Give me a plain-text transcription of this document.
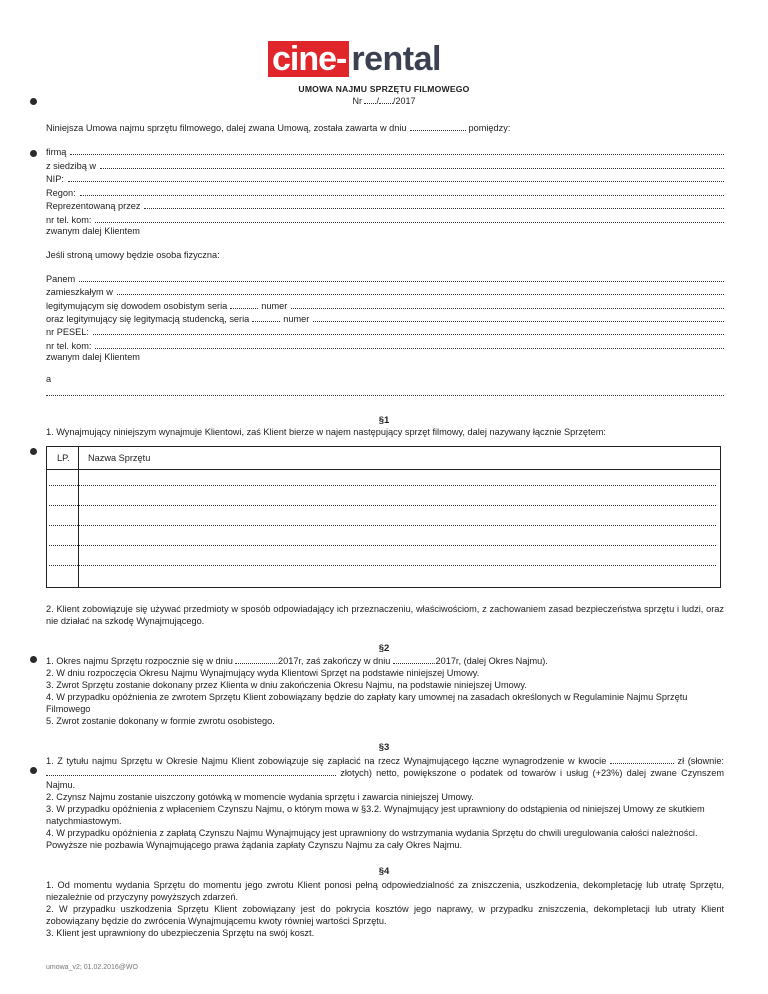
cine- rental
UMOWA NAJMU SPRZĘTU FILMOWEGO
Nr / /2017
Niniejsza Umowa najmu sprzętu filmowego, dalej zwana Umową, została zawarta w dniu	pomiędzy:
firmą
z siedzibą w
NIP:
Regon:
Reprezentowaną przez
nr tel. kom:
zwanym dalej Klientem
Jeśli stroną umowy będzie osoba fizyczna:
Panem
zamieszkałym w
legitymującym się dowodem osobistym seria	numer
oraz legitymujący się legitymacją studencką, seria	numer
nr PESEL:
nr tel. kom:
zwanym dalej Klientem
a
§1
1. Wynajmujący niniejszym wynajmuje Klientowi, zaś Klient bierze w najem następujący sprzęt filmowy, dalej nazywany łącznie Sprzętem:
LP. Nazwa Sprzętu
2. Klient zobowiązuje się używać przedmioty w sposób odpowiadający ich przeznaczeniu, właściwościom, z zachowaniem zasad bezpieczeństwa sprzętu i ludzi, oraz nie działać na szkodę Wynajmującego.
§2
1. Okres najmu Sprzętu rozpocznie się w dniu	.2017r, zaś zakończy w dniu	.2017r, (dalej Okres Najmu).
2. W dniu rozpoczęcia Okresu Najmu Wynajmujący wyda Klientowi Sprzęt na podstawie niniejszej Umowy.
3. Zwrot Sprzętu zostanie dokonany przez Klienta w dniu zakończenia Okresu Najmu, na podstawie niniejszej Umowy.
4. W przypadku opóźnienia ze zwrotem Sprzętu Klient zobowiązany będzie do zapłaty kary umownej na zasadach określonych w Regulaminie Najmu Sprzętu Filmowego
5. Zwrot zostanie dokonany w formie zwrotu osobistego.
§3
1. Z tytułu najmu Sprzętu w Okresie Najmu Klient zobowiązuje się zapłacić na rzecz Wynajmującego łączne wynagrodzenie w kwocie	zł (słownie:  złotych) netto, powiększone o podatek od towarów i usług (+23%) dalej zwane Czynszem Najmu.
2. Czynsz Najmu zostanie uiszczony gotówką w momencie wydania sprzętu i zawarcia niniejszej Umowy.
3. W przypadku opóźnienia z wpłaceniem Czynszu Najmu, o którym mowa w §3.2. Wynajmujący jest uprawniony do odstąpienia od niniejszej Umowy ze skutkiem natychmiastowym.
4. W przypadku opóźnienia z zapłatą Czynszu Najmu Wynajmujący jest uprawniony do wstrzymania wydania Sprzętu do chwili uregulowania całości należności. Powyższe nie pozbawia Wynajmującego prawa żądania zapłaty Czynszu Najmu za cały Okres Najmu.
§4
1. Od momentu wydania Sprzętu do momentu jego zwrotu Klient ponosi pełną odpowiedzialność za zniszczenia, uszkodzenia, dekompletację lub utratę Sprzętu, niezależnie od przyczyny powyższych zdarzeń.
2. W przypadku uszkodzenia Sprzętu Klient zobowiązany jest do pokrycia kosztów jego naprawy, w przypadku zniszczenia, dekompletacji lub utraty Klient zobowiązany będzie do zwrócenia Wynajmującemu kwoty równiej wartości Sprzętu.
3. Klient jest uprawniony do ubezpieczenia Sprzętu na swój koszt.
umowa_v2; 01.02.2016@WO
